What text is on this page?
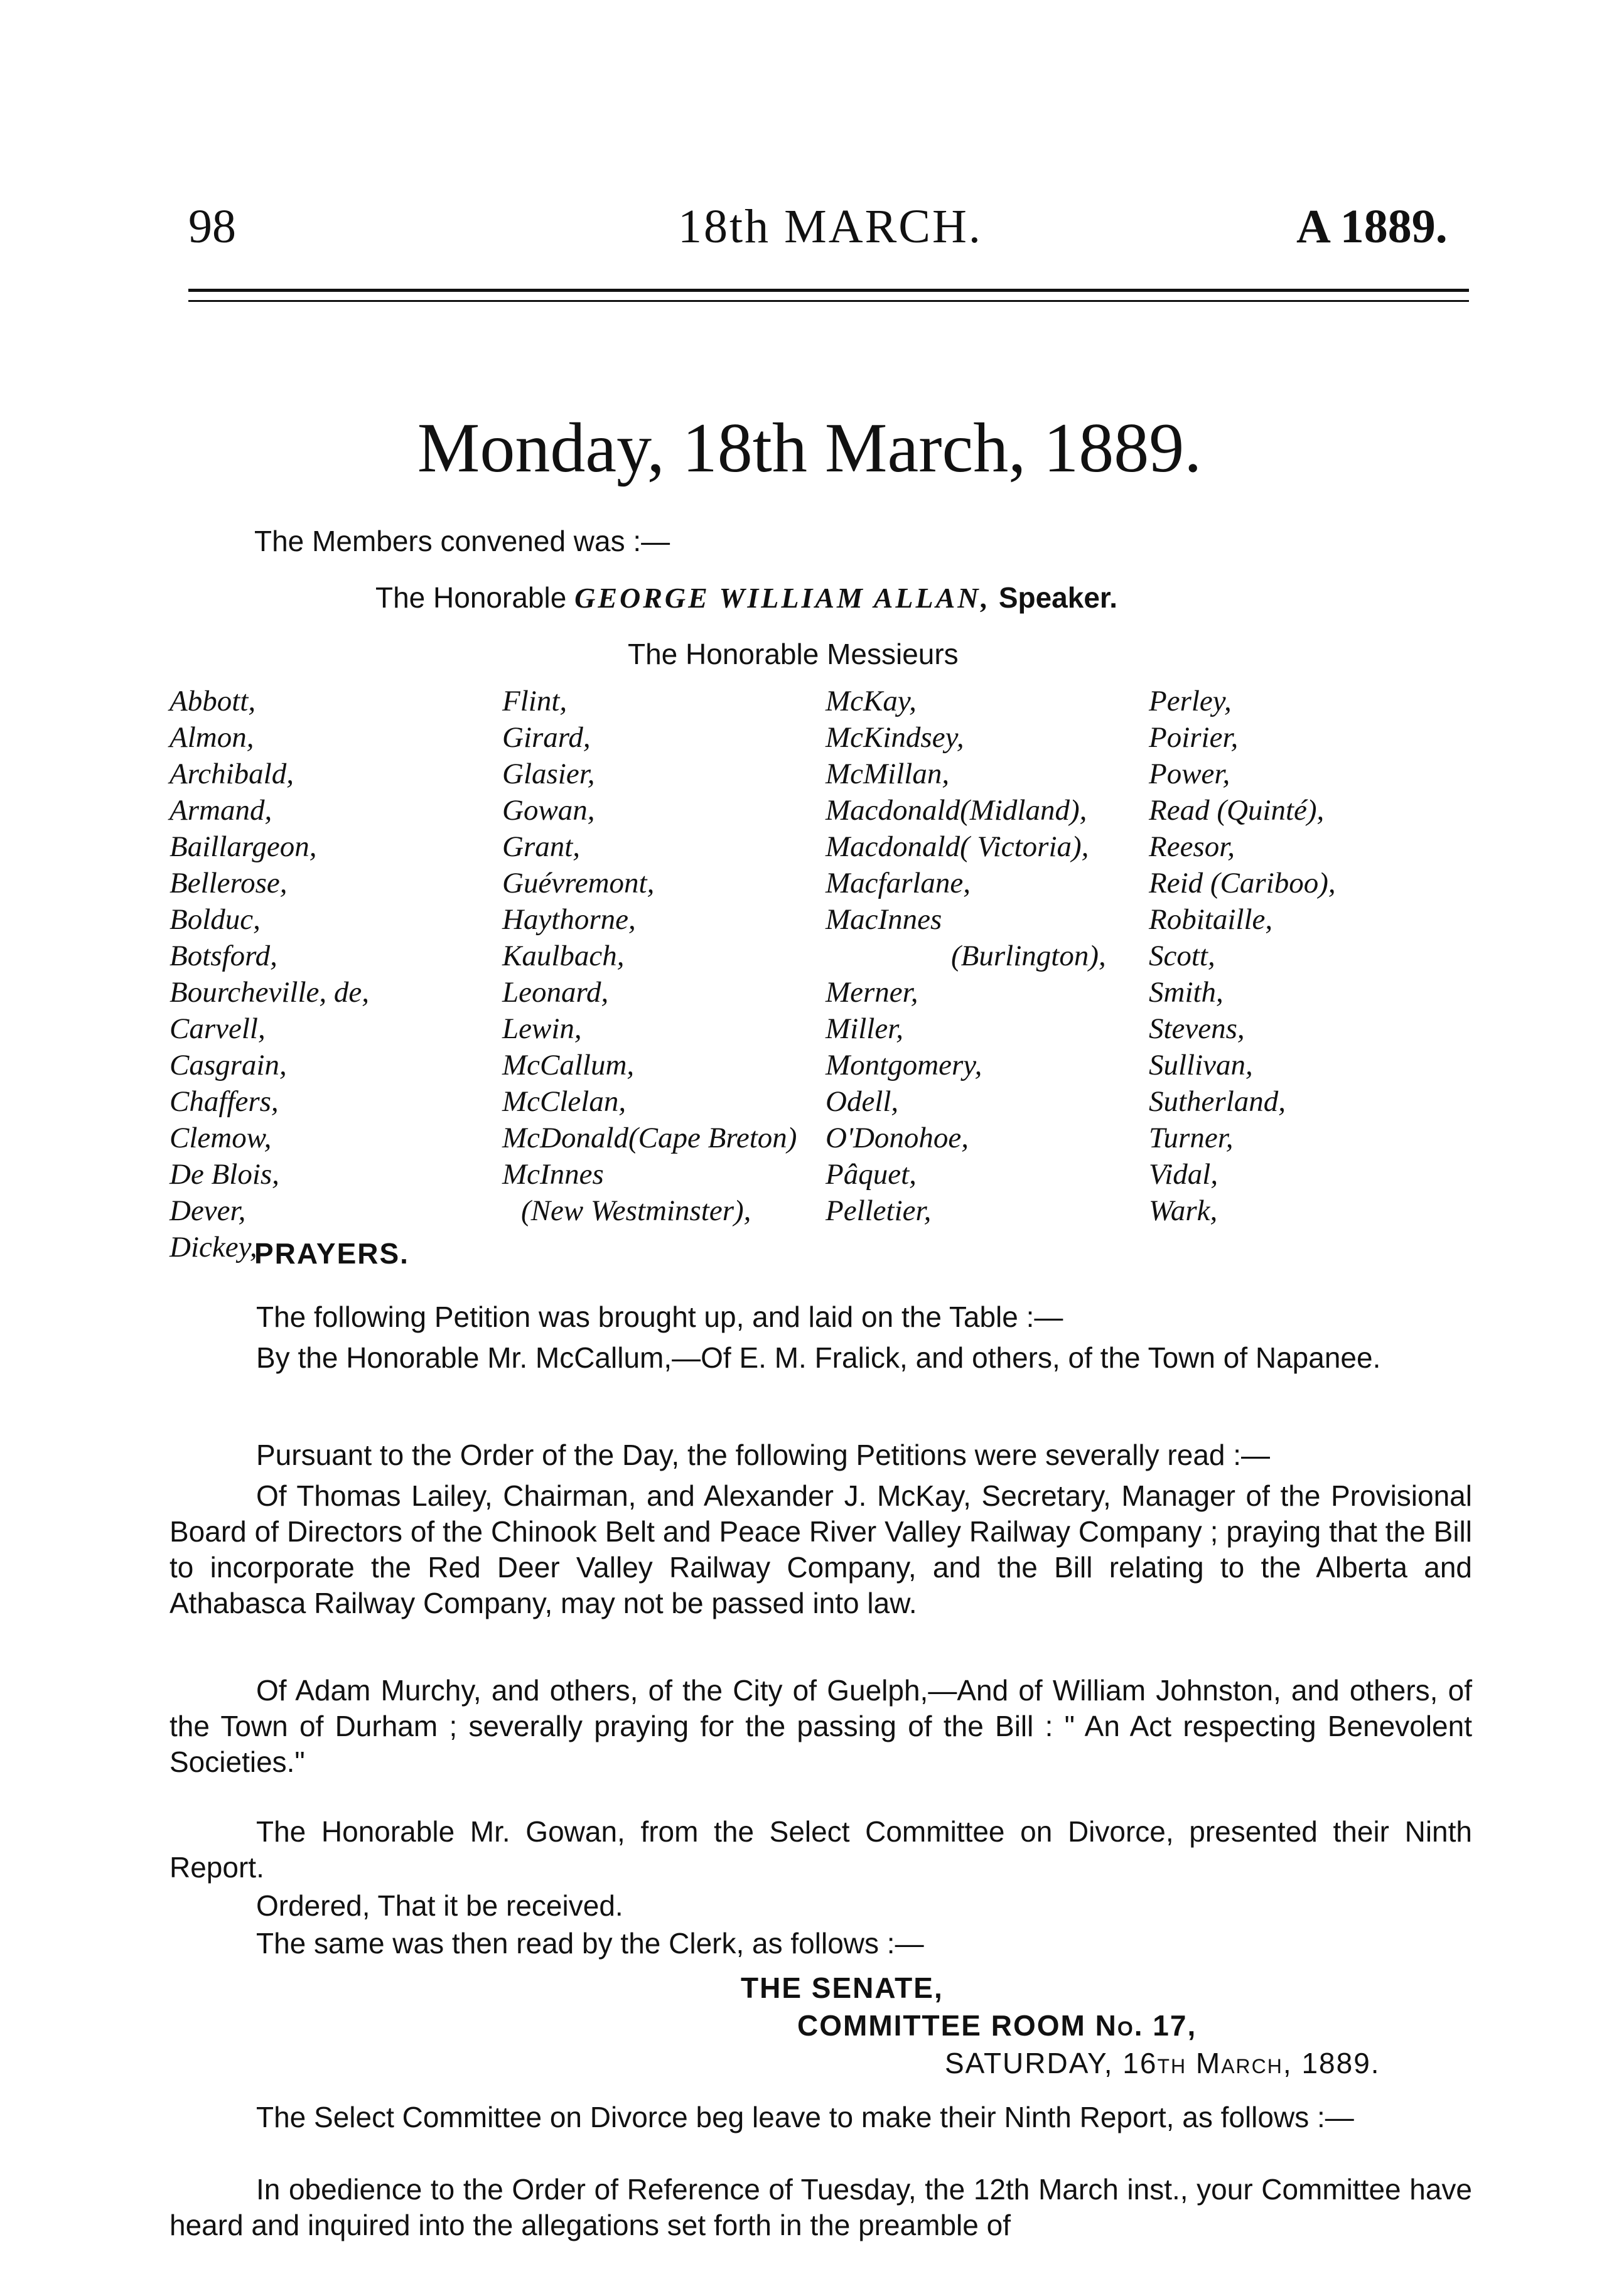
98	18th MARCH.	A 1889.
Monday, 18th March, 1889.
The Members convened was :—
The Honorable GEORGE WILLIAM ALLAN, Speaker.
The Honorable Messieurs
Abbott,
Almon,
Archibald,
Armand,
Baillargeon,
Bellerose,
Bolduc,
Botsford,
Bourcheville, de,
Carvell,
Casgrain,
Chaffers,
Clemow,
De Blois,
Dever,
Dickey,
Flint,
Girard,
Glasier,
Gowan,
Grant,
Guévremont,
Haythorne,
Kaulbach,
Leonard,
Lewin,
McCallum,
McClelan,
McDonald(Cape Breton)
McInnes
(New Westminster),
McKay,
McKindsey,
McMillan,
Macdonald(Midland),
Macdonald( Victoria),
Macfarlane,
MacInnes
(Burlington),
Merner,
Miller,
Montgomery,
Odell,
O'Donohoe,
Pâquet,
Pelletier,
Perley,
Poirier,
Power,
Read (Quinté),
Reesor,
Reid (Cariboo),
Robitaille,
Scott,
Smith,
Stevens,
Sullivan,
Sutherland,
Turner,
Vidal,
Wark,
PRAYERS.
The following Petition was brought up, and laid on the Table :—
By the Honorable Mr. McCallum,—Of E. M. Fralick, and others, of the Town of Napanee.
Pursuant to the Order of the Day, the following Petitions were severally read :—
Of Thomas Lailey, Chairman, and Alexander J. McKay, Secretary, Manager of the Provisional Board of Directors of the Chinook Belt and Peace River Valley Railway Company ; praying that the Bill to incorporate the Red Deer Valley Railway Company, and the Bill relating to the Alberta and Athabasca Railway Company, may not be passed into law.
Of Adam Murchy, and others, of the City of Guelph,—And of William Johnston, and others, of the Town of Durham ; severally praying for the passing of the Bill : " An Act respecting Benevolent Societies."
The Honorable Mr. Gowan, from the Select Committee on Divorce, presented their Ninth Report.
Ordered, That it be received.
The same was then read by the Clerk, as follows :—
THE SENATE,
COMMITTEE ROOM No. 17,
SATURDAY, 16th March, 1889.
The Select Committee on Divorce beg leave to make their Ninth Report, as follows :—
In obedience to the Order of Reference of Tuesday, the 12th March inst., your Committee have heard and inquired into the allegations set forth in the preamble of
